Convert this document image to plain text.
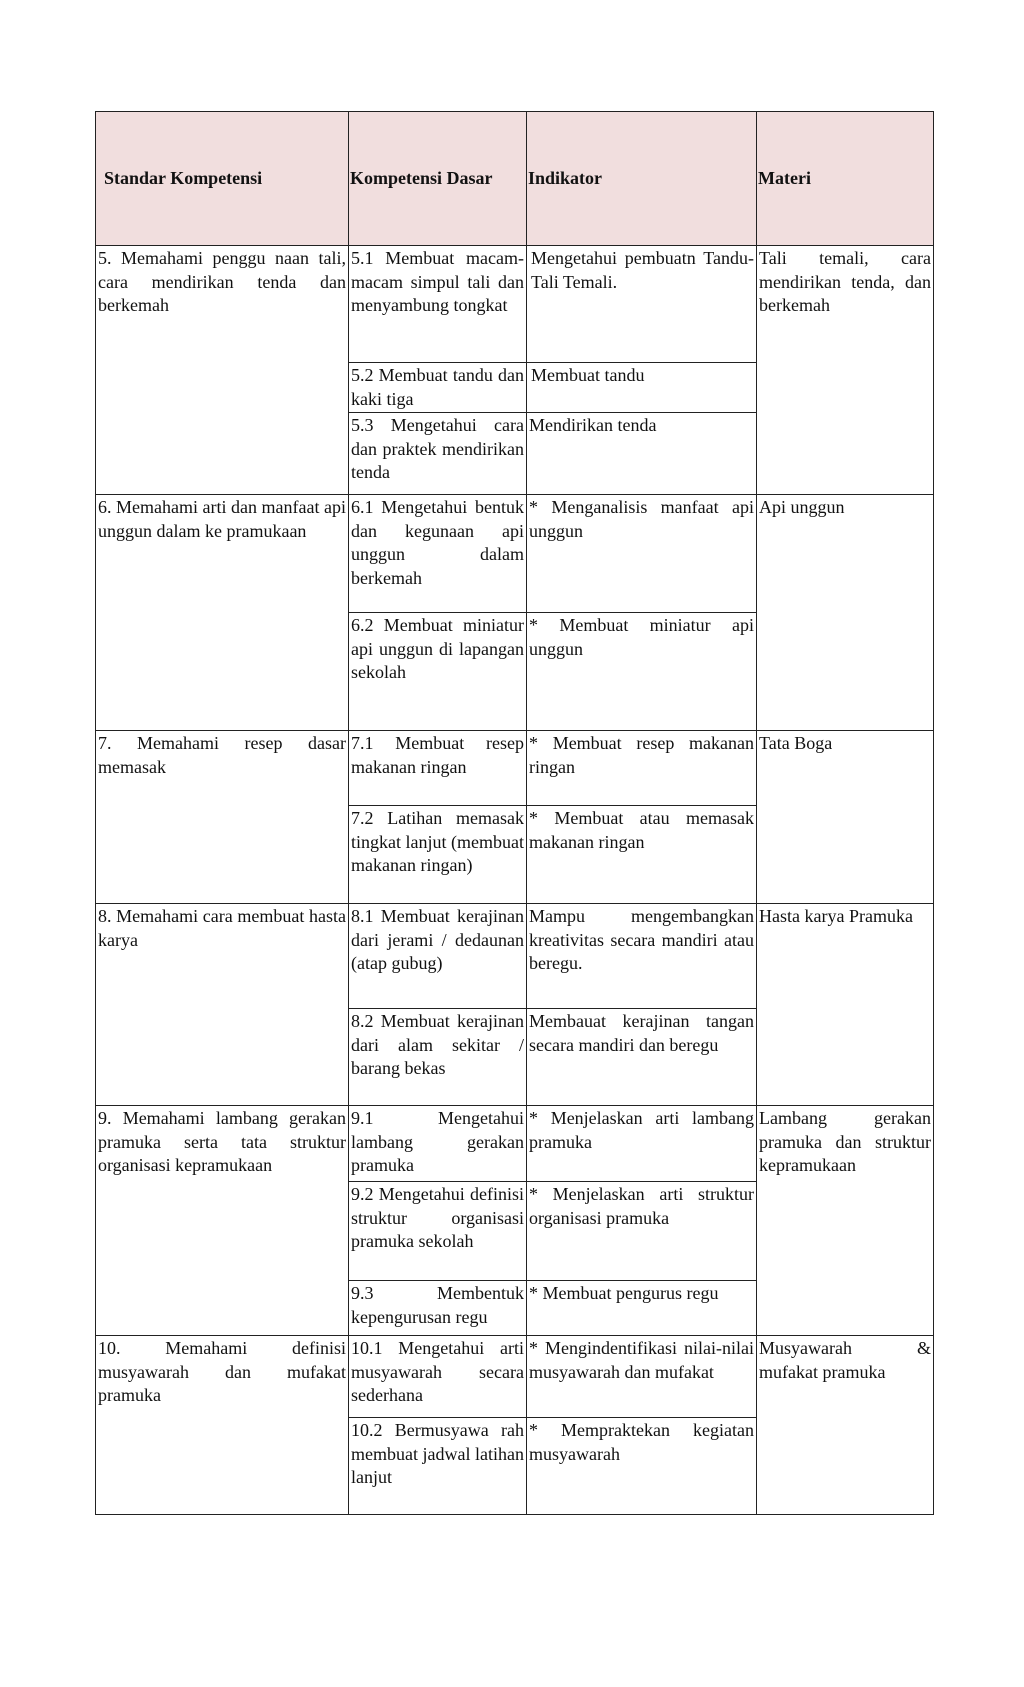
Standar Kompetensi	Kompetensi Dasar	Indikator	Materi
5. Memahami penggu naan tali, cara mendirikan tenda dan berkemah	5.1 Membuat macam-macam simpul tali dan menyambung tongkat	Mengetahui pembuatn Tandu-Tali Temali.	Tali temali, cara mendirikan tenda, dan berkemah
	5.2 Membuat tandu dan kaki tiga	Membuat tandu	
	5.3 Mengetahui cara dan praktek mendirikan tenda	Mendirikan tenda	
6. Memahami arti dan manfaat api unggun dalam ke pramukaan	6.1 Mengetahui bentuk dan kegunaan api unggun dalam berkemah	* Menganalisis manfaat api unggun	Api unggun
	6.2 Membuat miniatur api unggun di lapangan sekolah	* Membuat miniatur api unggun	
7. Memahami resep dasar memasak	7.1 Membuat resep makanan ringan	* Membuat resep makanan ringan	Tata Boga
	7.2 Latihan memasak tingkat lanjut (membuat makanan ringan)	* Membuat atau memasak makanan ringan	
8. Memahami cara membuat hasta karya	8.1 Membuat kerajinan dari jerami / dedaunan (atap gubug)	Mampu mengembangkan kreativitas secara mandiri atau beregu.	Hasta karya Pramuka
	8.2 Membuat kerajinan dari alam sekitar / barang bekas	Membauat kerajinan tangan secara mandiri dan beregu	
9. Memahami lambang gerakan pramuka serta tata struktur organisasi kepramukaan	9.1 Mengetahui lambang gerakan pramuka	* Menjelaskan arti lambang pramuka	Lambang gerakan pramuka dan struktur kepramukaan
	9.2 Mengetahui definisi struktur organisasi pramuka sekolah	* Menjelaskan arti struktur organisasi pramuka	
	9.3 Membentuk kepengurusan regu	* Membuat pengurus regu	
10. Memahami definisi musyawarah dan mufakat pramuka	10.1 Mengetahui arti musyawarah secara sederhana	* Mengindentifikasi nilai-nilai musyawarah dan mufakat	Musyawarah & mufakat pramuka
	10.2 Bermusyawa rah membuat jadwal latihan lanjut	* Mempraktekan kegiatan musyawarah	
